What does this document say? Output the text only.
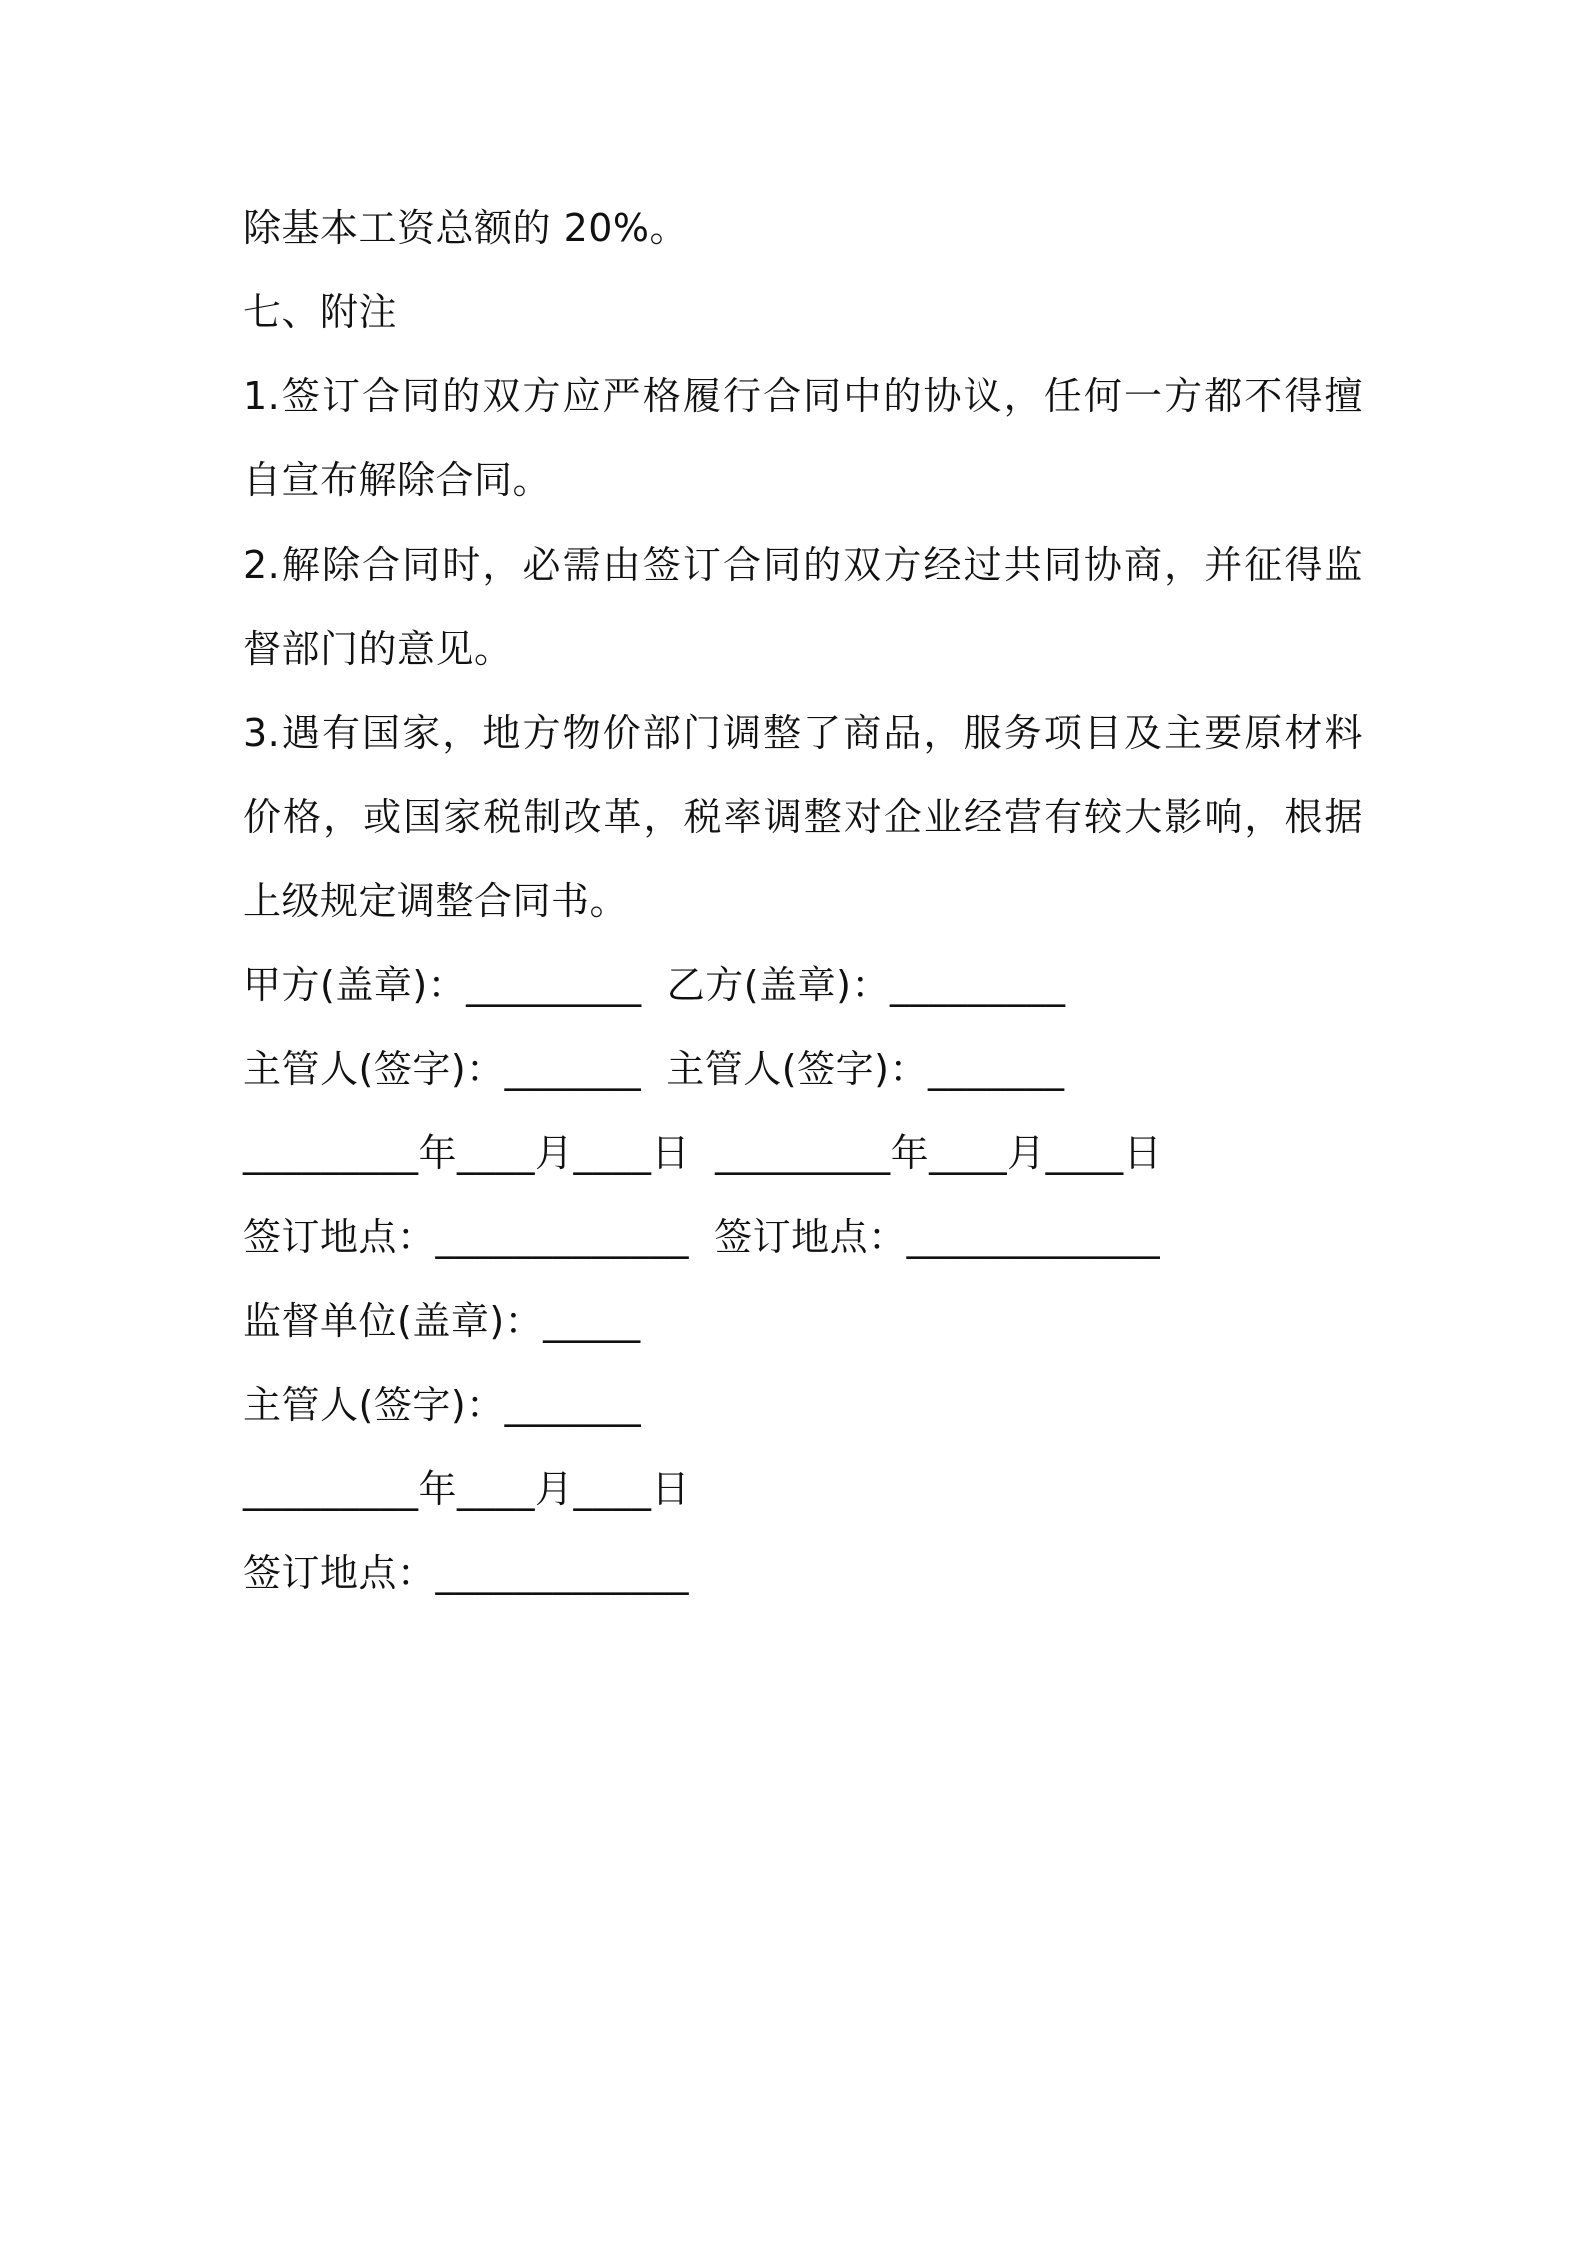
除基本工资总额的 20%。
七、附注
1.签订合同的双方应严格履行合同中的协议，任何一方都不得擅
自宣布解除合同。
2.解除合同时，必需由签订合同的双方经过共同协商，并征得监
督部门的意见。
3.遇有国家，地方物价部门调整了商品，服务项目及主要原材料
价格，或国家税制改革，税率调整对企业经营有较大影响，根据
上级规定调整合同书。
甲方(盖章)：_________  乙方(盖章)：_________
主管人(签字)：_______  主管人(签字)：_______
_________年____月____日  _________年____月____日
签订地点：_____________  签订地点：_____________
监督单位(盖章)：_____
主管人(签字)：_______
_________年____月____日
签订地点：_____________
